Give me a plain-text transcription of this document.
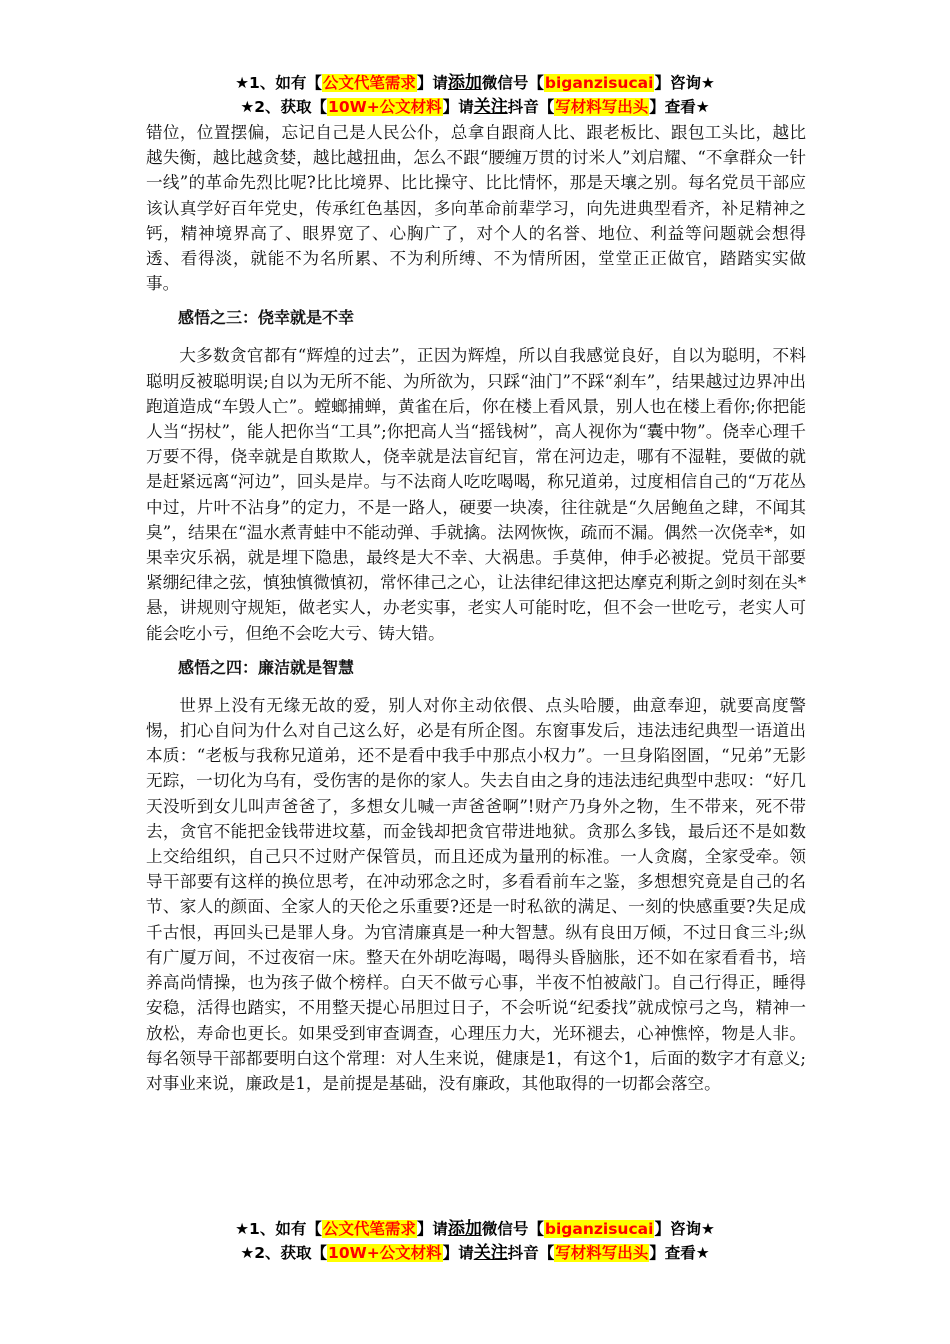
★1、如有【公文代笔需求】请添加微信号【biganzisucai】咨询★
★2、获取【10W+公文材料】请关注抖音【写材料写出头】查看★

错位，位置摆偏，忘记自己是人民公仆，总拿自跟商人比、跟老板比、跟包工头比，越比越失衡，越比越贪婪，越比越扭曲，怎么不跟“腰缠万贯的讨米人”刘启耀、“不拿群众一针一线”的革命先烈比呢?比比境界、比比操守、比比情怀，那是天壤之别。每名党员干部应该认真学好百年党史，传承红色基因，多向革命前辈学习，向先进典型看齐，补足精神之钙，精神境界高了、眼界宽了、心胸广了，对个人的名誉、地位、利益等问题就会想得透、看得淡，就能不为名所累、不为利所缚、不为情所困，堂堂正正做官，踏踏实实做事。

感悟之三：侥幸就是不幸

大多数贪官都有“辉煌的过去”，正因为辉煌，所以自我感觉良好，自以为聪明，不料聪明反被聪明误;自以为无所不能、为所欲为，只踩“油门”不踩“刹车”，结果越过边界冲出跑道造成“车毁人亡”。螳螂捕蝉，黄雀在后，你在楼上看风景，别人也在楼上看你;你把能人当“拐杖”，能人把你当“工具”;你把高人当“摇钱树”，高人视你为“囊中物”。侥幸心理千万要不得，侥幸就是自欺欺人，侥幸就是法盲纪盲，常在河边走，哪有不湿鞋，要做的就是赶紧远离“河边”，回头是岸。与不法商人吃吃喝喝，称兄道弟，过度相信自己的“万花丛中过，片叶不沾身”的定力，不是一路人，硬要一块凑，往往就是“久居鲍鱼之肆，不闻其臭”，结果在“温水煮青蛙中不能动弹、手就擒。法网恢恢，疏而不漏。偶然一次侥幸*，如果幸灾乐祸，就是埋下隐患，最终是大不幸、大祸患。手莫伸，伸手必被捉。党员干部要紧绷纪律之弦，慎独慎微慎初，常怀律己之心，让法律纪律这把达摩克利斯之剑时刻在头*悬，讲规则守规矩，做老实人，办老实事，老实人可能时吃，但不会一世吃亏，老实人可能会吃小亏，但绝不会吃大亏、铸大错。

感悟之四：廉洁就是智慧

世界上没有无缘无故的爱，别人对你主动依偎、点头哈腰，曲意奉迎，就要高度警惕，扪心自问为什么对自己这么好，必是有所企图。东窗事发后，违法违纪典型一语道出本质：“老板与我称兄道弟，还不是看中我手中那点小权力”。一旦身陷囹圄，“兄弟”无影无踪，一切化为乌有，受伤害的是你的家人。失去自由之身的违法违纪典型中悲叹：“好几天没听到女儿叫声爸爸了，多想女儿喊一声爸爸啊”!财产乃身外之物，生不带来，死不带去，贪官不能把金钱带进坟墓，而金钱却把贪官带进地狱。贪那么多钱，最后还不是如数上交给组织，自己只不过财产保管员，而且还成为量刑的标准。一人贪腐，全家受牵。领导干部要有这样的换位思考，在冲动邪念之时，多看看前车之鉴，多想想究竟是自己的名节、家人的颜面、全家人的天伦之乐重要?还是一时私欲的满足、一刻的快感重要?失足成千古恨，再回头已是罪人身。为官清廉真是一种大智慧。纵有良田万倾，不过日食三斗;纵有广厦万间，不过夜宿一床。整天在外胡吃海喝，喝得头昏脑胀，还不如在家看看书，培养高尚情操，也为孩子做个榜样。白天不做亏心事，半夜不怕被敲门。自己行得正，睡得安稳，活得也踏实，不用整天提心吊胆过日子，不会听说“纪委找”就成惊弓之鸟，精神一放松，寿命也更长。如果受到审查调查，心理压力大，光环褪去，心神憔悴，物是人非。每名领导干部都要明白这个常理：对人生来说，健康是1，有这个1，后面的数字才有意义;对事业来说，廉政是1，是前提是基础，没有廉政，其他取得的一切都会落空。

★1、如有【公文代笔需求】请添加微信号【biganzisucai】咨询★
★2、获取【10W+公文材料】请关注抖音【写材料写出头】查看★
